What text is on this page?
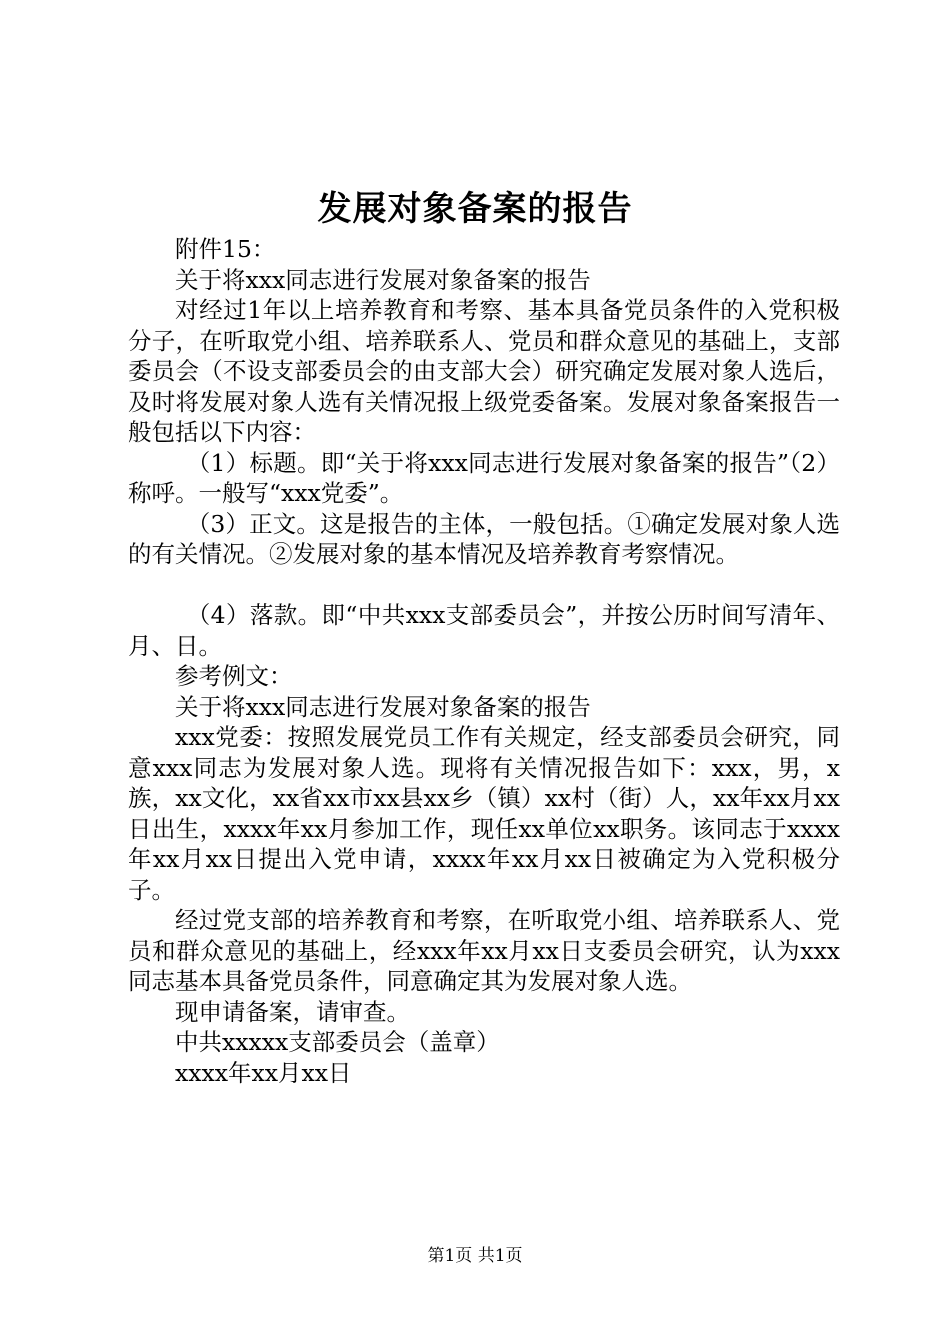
发展对象备案的报告

附件15：

关于将xxx同志进行发展对象备案的报告

对经过1年以上培养教育和考察、基本具备党员条件的入党积极分子，在听取党小组、培养联系人、党员和群众意见的基础上，支部委员会（不设支部委员会的由支部大会）研究确定发展对象人选后，及时将发展对象人选有关情况报上级党委备案。发展对象备案报告一般包括以下内容：

（1）标题。即“关于将xxx同志进行发展对象备案的报告”（2）称呼。一般写“xxx党委”。

（3）正文。这是报告的主体，一般包括。①确定发展对象人选的有关情况。②发展对象的基本情况及培养教育考察情况。

（4）落款。即“中共xxx支部委员会”，并按公历时间写清年、月、日。

参考例文：

关于将xxx同志进行发展对象备案的报告

xxx党委：按照发展党员工作有关规定，经支部委员会研究，同意xxx同志为发展对象人选。现将有关情况报告如下：xxx，男，x族，xx文化，xx省xx市xx县xx乡（镇）xx村（街）人，xx年xx月xx日出生，xxxx年xx月参加工作，现任xx单位xx职务。该同志于xxxx年xx月xx日提出入党申请，xxxx年xx月xx日被确定为入党积极分子。

经过党支部的培养教育和考察，在听取党小组、培养联系人、党员和群众意见的基础上，经xxx年xx月xx日支委员会研究，认为xxx同志基本具备党员条件，同意确定其为发展对象人选。

现申请备案，请审查。

中共xxxxx支部委员会（盖章）

xxxx年xx月xx日

第1页 共1页
